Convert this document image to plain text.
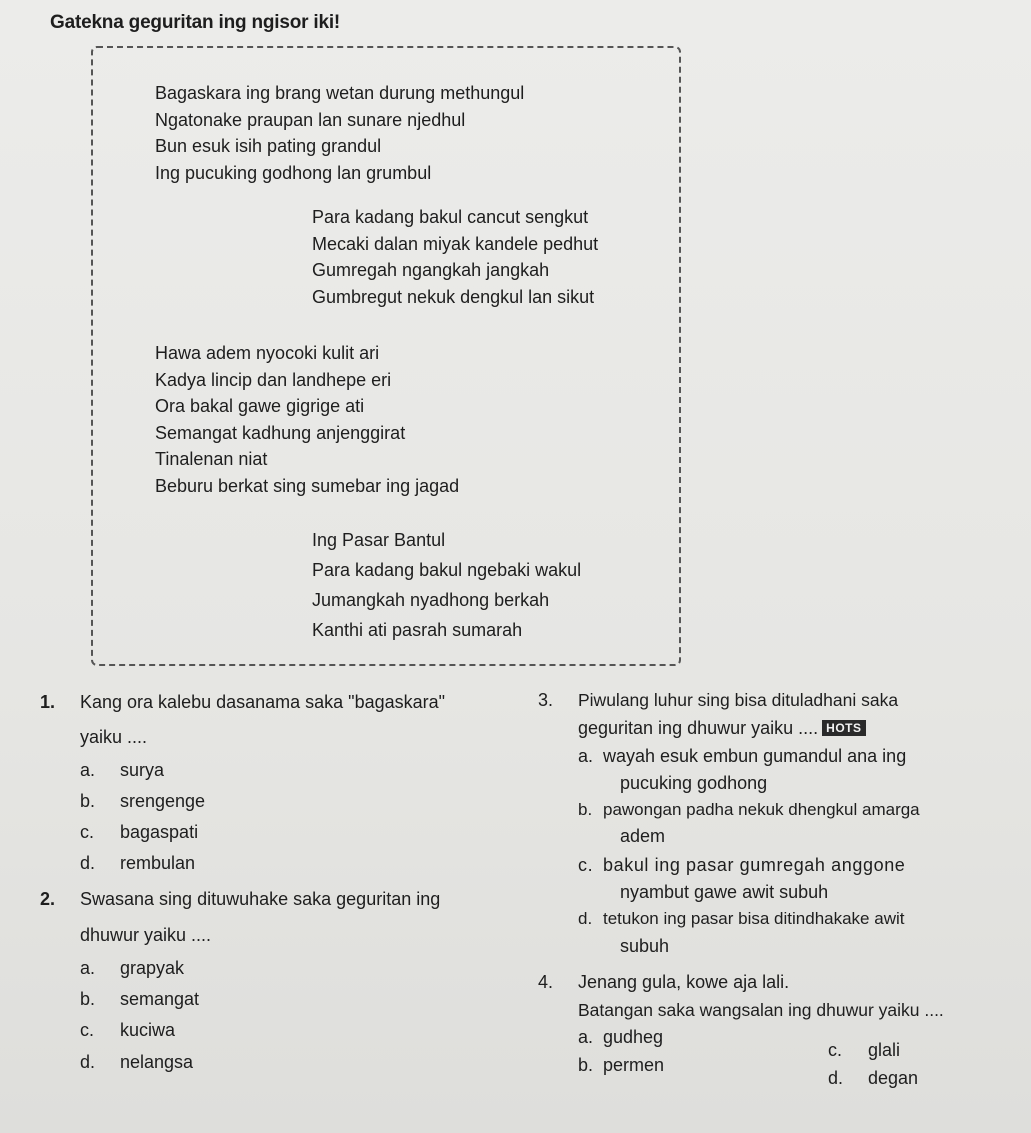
Gatekna geguritan ing ngisor iki!
Bagaskara ing brang wetan durung methungul
Ngatonake praupan lan sunare njedhul
Bun esuk isih pating grandul
Ing pucuking godhong lan grumbul
Para kadang bakul cancut sengkut
Mecaki dalan miyak kandele pedhut
Gumregah ngangkah jangkah
Gumbregut nekuk dengkul lan sikut
Hawa adem nyocoki kulit ari
Kadya lincip dan landhepe eri
Ora bakal gawe gigrige ati
Semangat kadhung anjenggirat
Tinalenan niat
Beburu berkat sing sumebar ing jagad
Ing Pasar Bantul
Para kadang bakul ngebaki wakul
Jumangkah nyadhong berkah
Kanthi ati pasrah sumarah
1. Kang ora kalebu dasanama saka "bagaskara"
yaiku ....
a. surya
b. srengenge
c. bagaspati
d. rembulan
2. Swasana sing dituwuhake saka geguritan ing
dhuwur yaiku ....
a. grapyak
b. semangat
c. kuciwa
d. nelangsa
3. Piwulang luhur sing bisa dituladhani saka
geguritan ing dhuwur yaiku .... HOTS
a. wayah esuk embun gumandul ana ing
pucuking godhong
b. pawongan padha nekuk dhengkul amarga
adem
c. bakul ing pasar gumregah anggone
nyambut gawe awit subuh
d. tetukon ing pasar bisa ditindhakake awit
subuh
4. Jenang gula, kowe aja lali.
Batangan saka wangsalan ing dhuwur yaiku ....
a. gudheg
b. permen
c. glali
d. degan
